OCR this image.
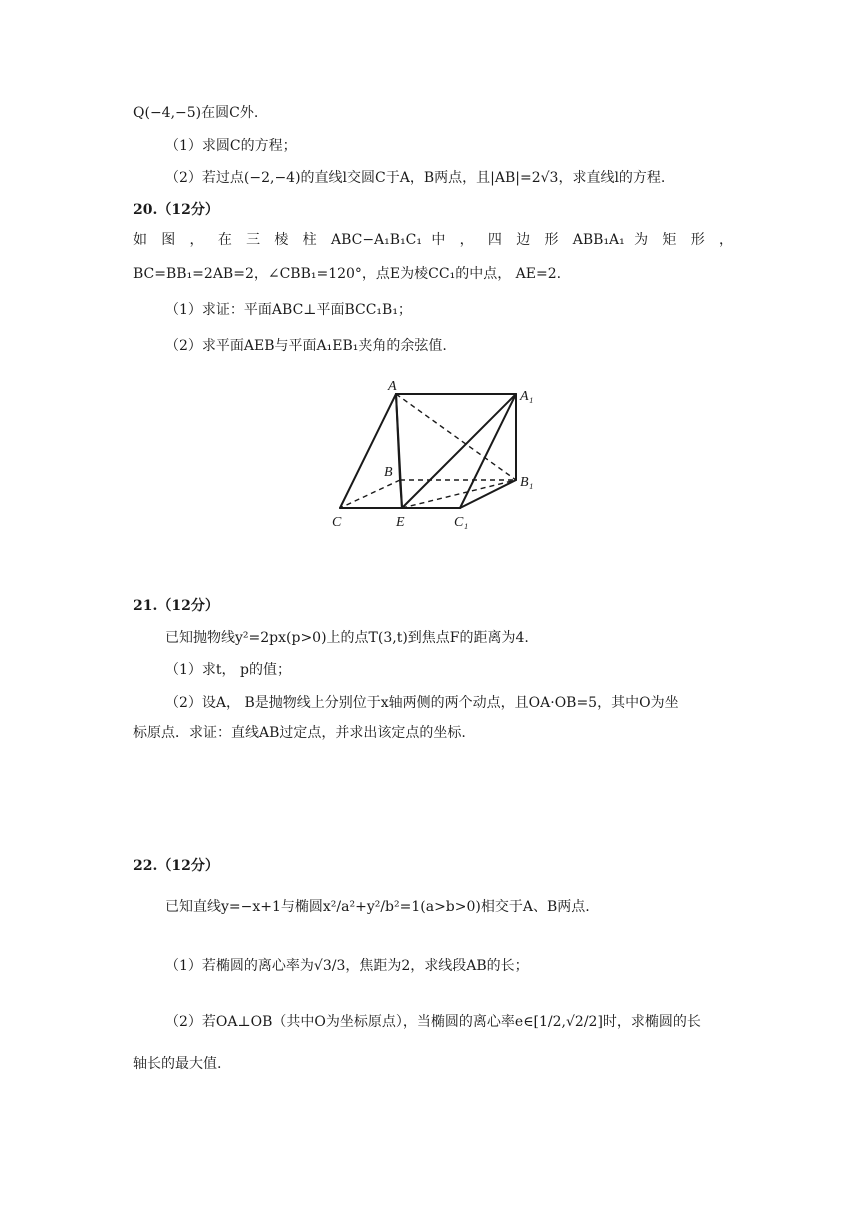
Q(−4,−5)在圆C外.
（1）求圆C的方程；
（2）若过点(−2,−4)的直线l交圆C于A，B两点，且|AB|=2√3，求直线l的方程.
20.（12分）
如 图 ， 在 三 棱 柱 ABC−A₁B₁C₁ 中 ， 四 边 形 ABB₁A₁ 为 矩 形 ，
BC=BB₁=2AB=2，∠CBB₁=120°，点E为棱CC₁的中点， AE=2.
（1）求证：平面ABC⊥平面BCC₁B₁；
（2）求平面AEB与平面A₁EB₁夹角的余弦值.
A
A₁
B
B₁
C	E	C₁
21.（12分）
已知抛物线y²=2px(p>0)上的点T(3,t)到焦点F的距离为4.
（1）求t， p的值；
（2）设A， B是抛物线上分别位于x轴两侧的两个动点，且OA·OB=5，其中O为坐
标原点．求证：直线AB过定点，并求出该定点的坐标.
22.（12分）
已知直线y=−x+1与椭圆x²/a²+y²/b²=1(a>b>0)相交于A、B两点.
（1）若椭圆的离心率为√3/3，焦距为2，求线段AB的长；
（2）若OA⊥OB（共中O为坐标原点），当椭圆的离心率e∈[1/2,√2/2]时，求椭圆的长
轴长的最大值.
